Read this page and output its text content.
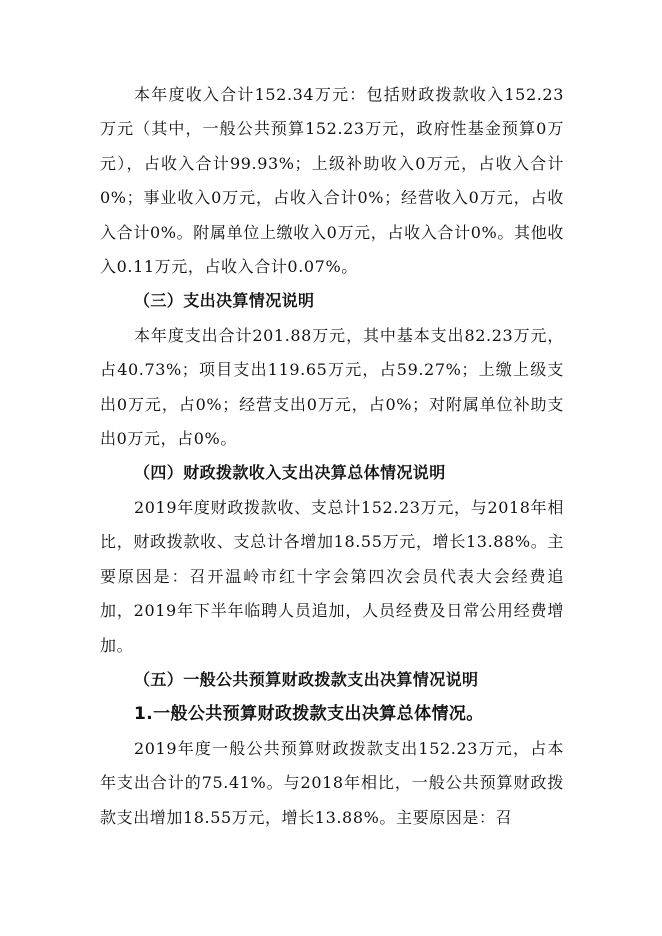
本年度收入合计152.34万元：包括财政拨款收入152.23万元（其中，一般公共预算152.23万元，政府性基金预算0万元），占收入合计99.93%；上级补助收入0万元，占收入合计0%；事业收入0万元，占收入合计0%；经营收入0万元，占收入合计0%。附属单位上缴收入0万元，占收入合计0%。其他收入0.11万元，占收入合计0.07%。

（三）支出决算情况说明

本年度支出合计201.88万元，其中基本支出82.23万元，占40.73%；项目支出119.65万元，占59.27%；上缴上级支出0万元，占0%；经营支出0万元，占0%；对附属单位补助支出0万元，占0%。

（四）财政拨款收入支出决算总体情况说明

2019年度财政拨款收、支总计152.23万元，与2018年相比，财政拨款收、支总计各增加18.55万元，增长13.88%。主要原因是：召开温岭市红十字会第四次会员代表大会经费追加，2019年下半年临聘人员追加，人员经费及日常公用经费增加。

（五）一般公共预算财政拨款支出决算情况说明

1.一般公共预算财政拨款支出决算总体情况。

2019年度一般公共预算财政拨款支出152.23万元，占本年支出合计的75.41%。与2018年相比，一般公共预算财政拨款支出增加18.55万元，增长13.88%。主要原因是：召
